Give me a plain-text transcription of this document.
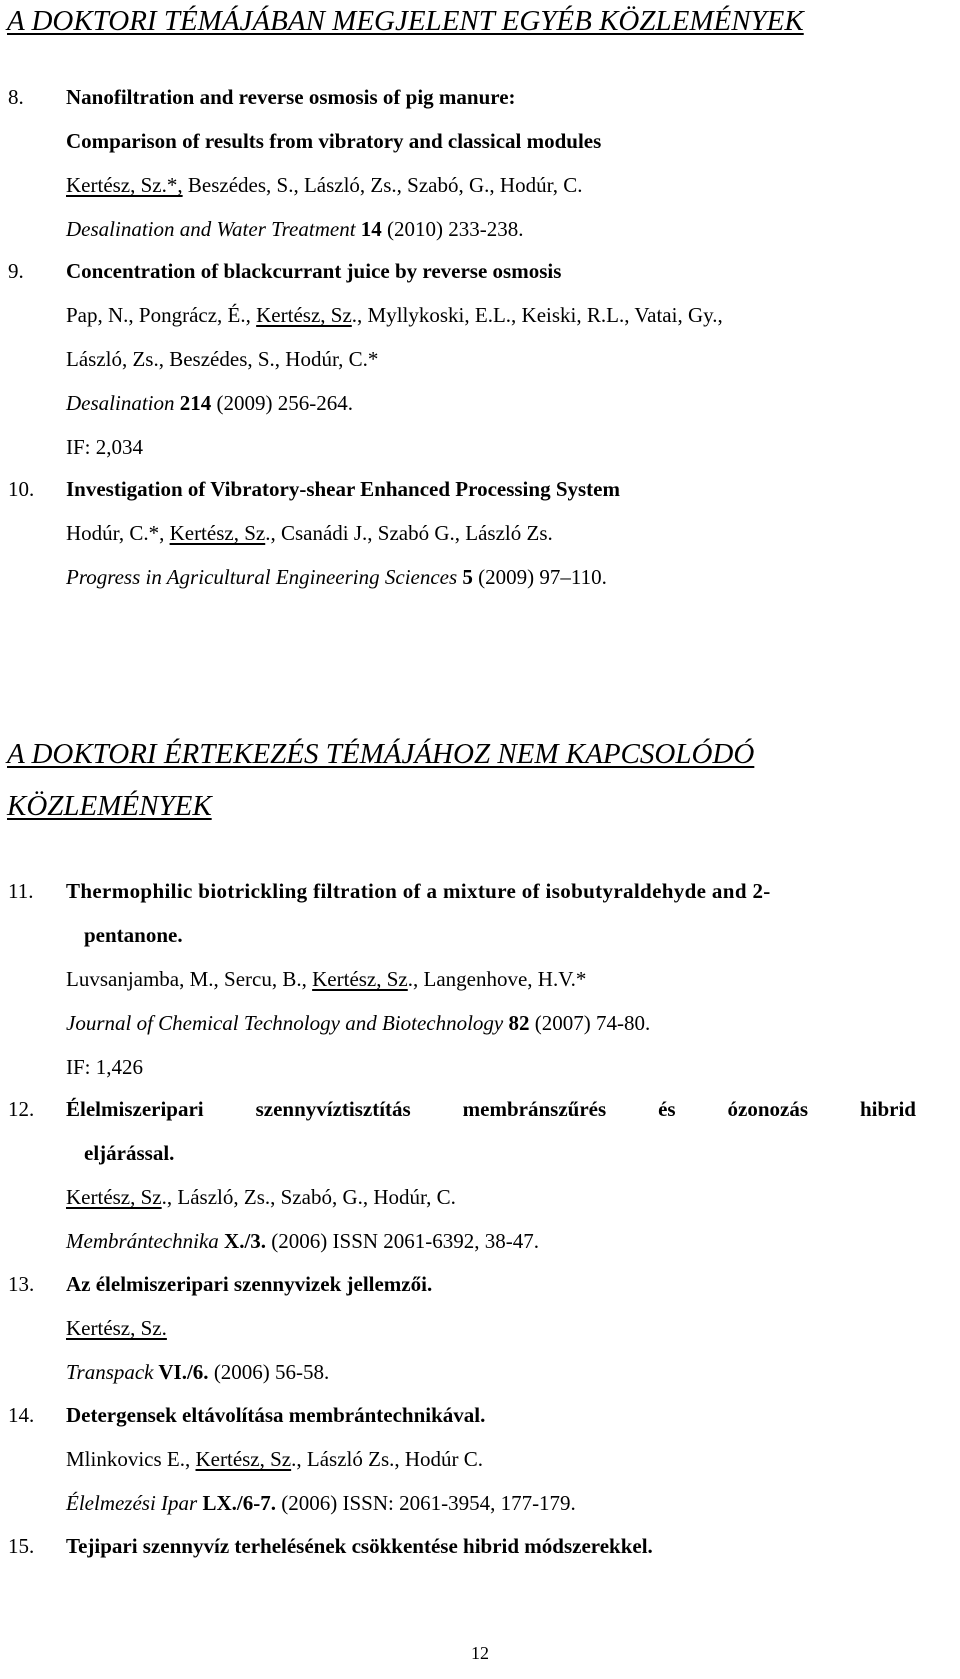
A DOKTORI TÉMÁJÁBAN MEGJELENT EGYÉB KÖZLEMÉNYEK
8.	Nanofiltration and reverse osmosis of pig manure:
Comparison of results from vibratory and classical modules
Kertész, Sz.*, Beszédes, S., László, Zs., Szabó, G., Hodúr, C.
Desalination and Water Treatment 14 (2010) 233-238.
9.	Concentration of blackcurrant juice by reverse osmosis
Pap, N., Pongrácz, É., Kertész, Sz., Myllykoski, E.L., Keiski, R.L., Vatai, Gy.,
László, Zs., Beszédes, S., Hodúr, C.*
Desalination 214 (2009) 256-264.
IF: 2,034
10.	Investigation of Vibratory-shear Enhanced Processing System
Hodúr, C.*, Kertész, Sz., Csanádi J., Szabó G., László Zs.
Progress in Agricultural Engineering Sciences 5 (2009) 97–110.
A DOKTORI ÉRTEKEZÉS TÉMÁJÁHOZ NEM KAPCSOLÓDÓ
KÖZLEMÉNYEK
11.	Thermophilic biotrickling filtration of a mixture of isobutyraldehyde and 2-
pentanone.
Luvsanjamba, M., Sercu, B., Kertész, Sz., Langenhove, H.V.*
Journal of Chemical Technology and Biotechnology 82 (2007) 74-80.
IF: 1,426
12.	Élelmiszeripari szennyvíztisztítás membránszűrés és ózonozás hibrid
eljárással.
Kertész, Sz., László, Zs., Szabó, G., Hodúr, C.
Membrántechnika X./3. (2006) ISSN 2061-6392, 38-47.
13.	Az élelmiszeripari szennyvizek jellemzői.
Kertész, Sz.
Transpack VI./6. (2006) 56-58.
14.	Detergensek eltávolítása membrántechnikával.
Mlinkovics E., Kertész, Sz., László Zs., Hodúr C.
Élelmezési Ipar LX./6-7. (2006) ISSN: 2061-3954, 177-179.
15.	Tejipari szennyvíz terhelésének csökkentése hibrid módszerekkel.
12
